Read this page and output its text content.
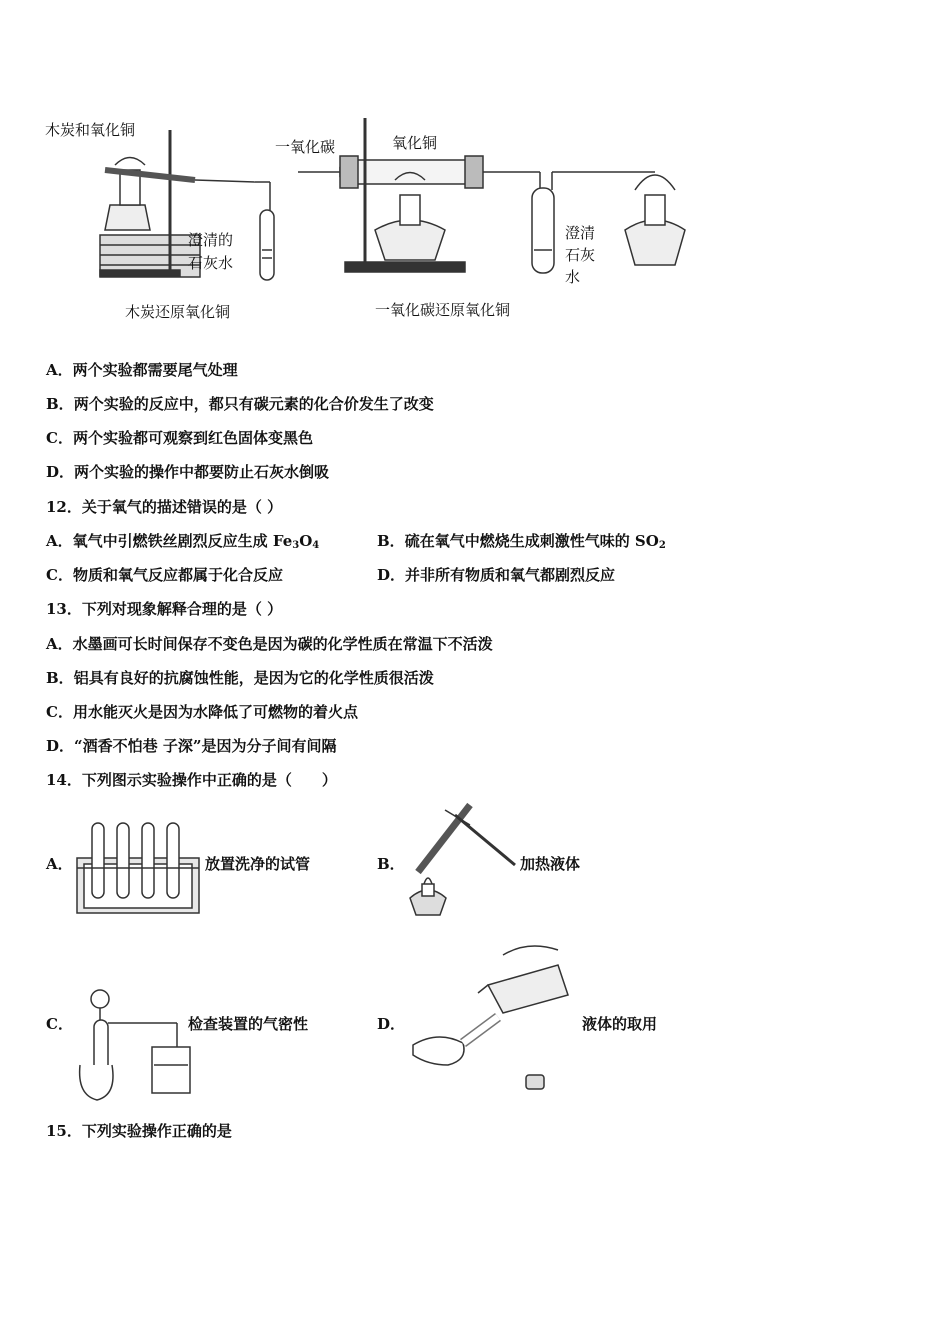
木炭和氧化铜
澄清的
石灰水
木炭还原氧化铜
一氧化碳	氧化铜
澄清
石灰
水
一氧化碳还原氧化铜
A．两个实验都需要尾气处理
B．两个实验的反应中，都只有碳元素的化合价发生了改变
C．两个实验都可观察到红色固体变黑色
D．两个实验的操作中都要防止石灰水倒吸
12．关于氧气的描述错误的是（ ）
A．氧气中引燃铁丝剧烈反应生成 $Fe_3O_4$	B．硫在氧气中燃烧生成刺激性气味的 $SO_2$
C．物质和氧气反应都属于化合反应	D．并非所有物质和氧气都剧烈反应
13．下列对现象解释合理的是（ ）
A．水墨画可长时间保存不变色是因为碳的化学性质在常温下不活泼
B．铝具有良好的抗腐蚀性能，是因为它的化学性质很活泼
C．用水能灭火是因为水降低了可燃物的着火点
D．“酒香不怕巷 子深”是因为分子间有间隔
14．下列图示实验操作中正确的是（　　）
A．	放置洗净的试管	B．	加热液体
C．	检查装置的气密性	D．	液体的取用
15．下列实验操作正确的是
